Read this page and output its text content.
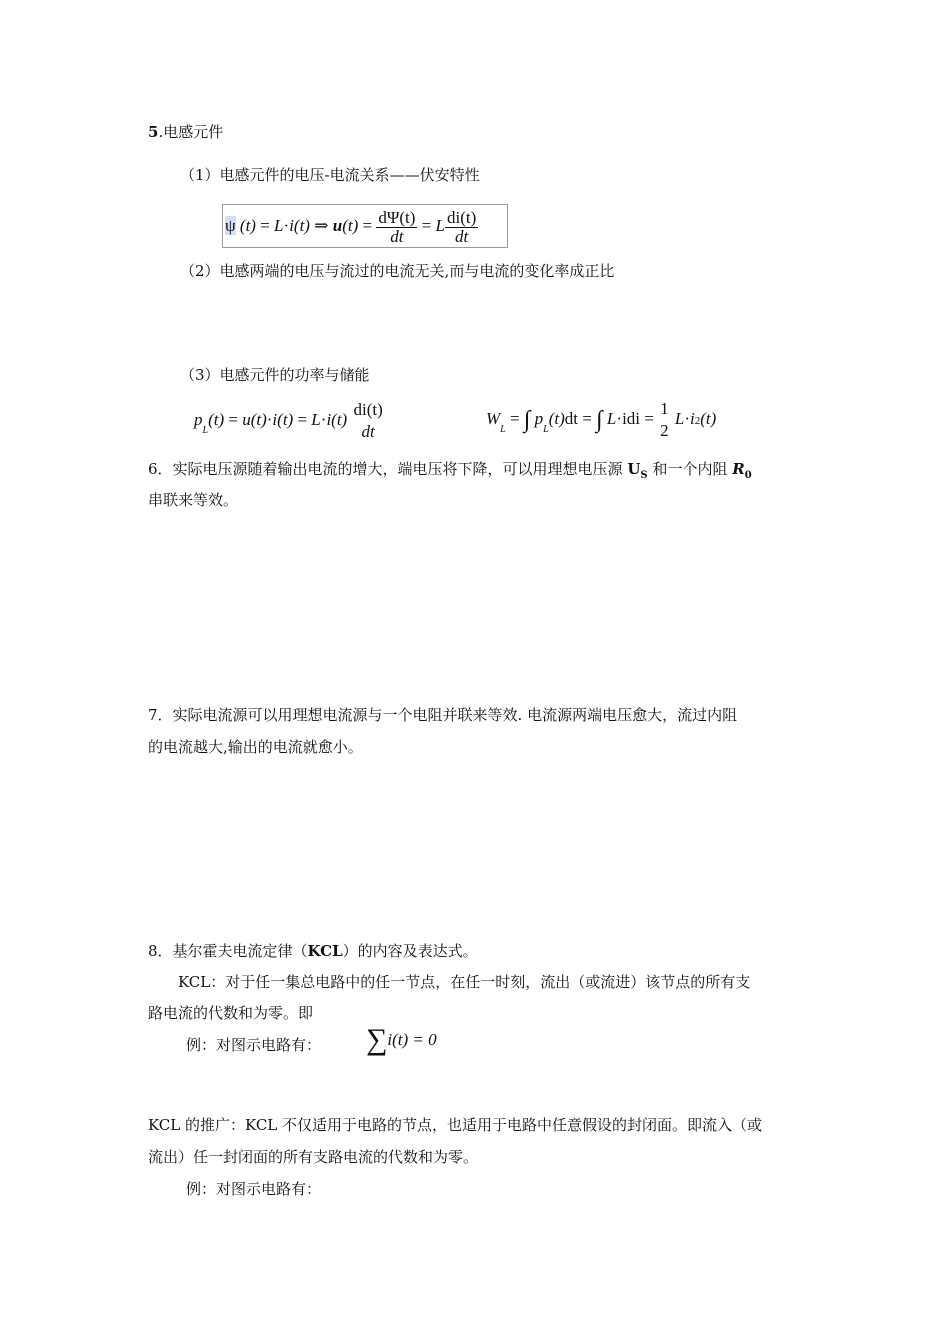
5.电感元件
（1）电感元件的电压-电流关系——伏安特性
ψ (t) = L·i(t) ⇒ $u(t) = \frac{d\Psi(t)}{dt} = L \frac{di(t)}{dt}$
（2）电感两端的电压与流过的电流无关,而与电流的变化率成正比
（3）电感元件的功率与储能
$p_L(t) = u(t)\cdot i(t) = L\cdot i(t)$
di(t)
dt
$W_L$ = ∫ $p_L(t)dt$ = ∫ L·idi =
1
2
L·i2(t)
6．实际电压源随着输出电流的增大，端电压将下降，可以用理想电压源 $U_S$ 和一个内阻 $R_0$
串联来等效。
7．实际电流源可以用理想电流源与一个电阻并联来等效. 电流源两端电压愈大，流过内阻
的电流越大,输出的电流就愈小。
8．基尔霍夫电流定律（KCL）的内容及表达式。
KCL：对于任一集总电路中的任一节点，在任一时刻，流出（或流进）该节点的所有支
路电流的代数和为零。即
例：对图示电路有： ∑i(t) = 0
KCL 的推广：KCL 不仅适用于电路的节点，也适用于电路中任意假设的封闭面。即流入（或
流出）任一封闭面的所有支路电流的代数和为零。
例：对图示电路有：
